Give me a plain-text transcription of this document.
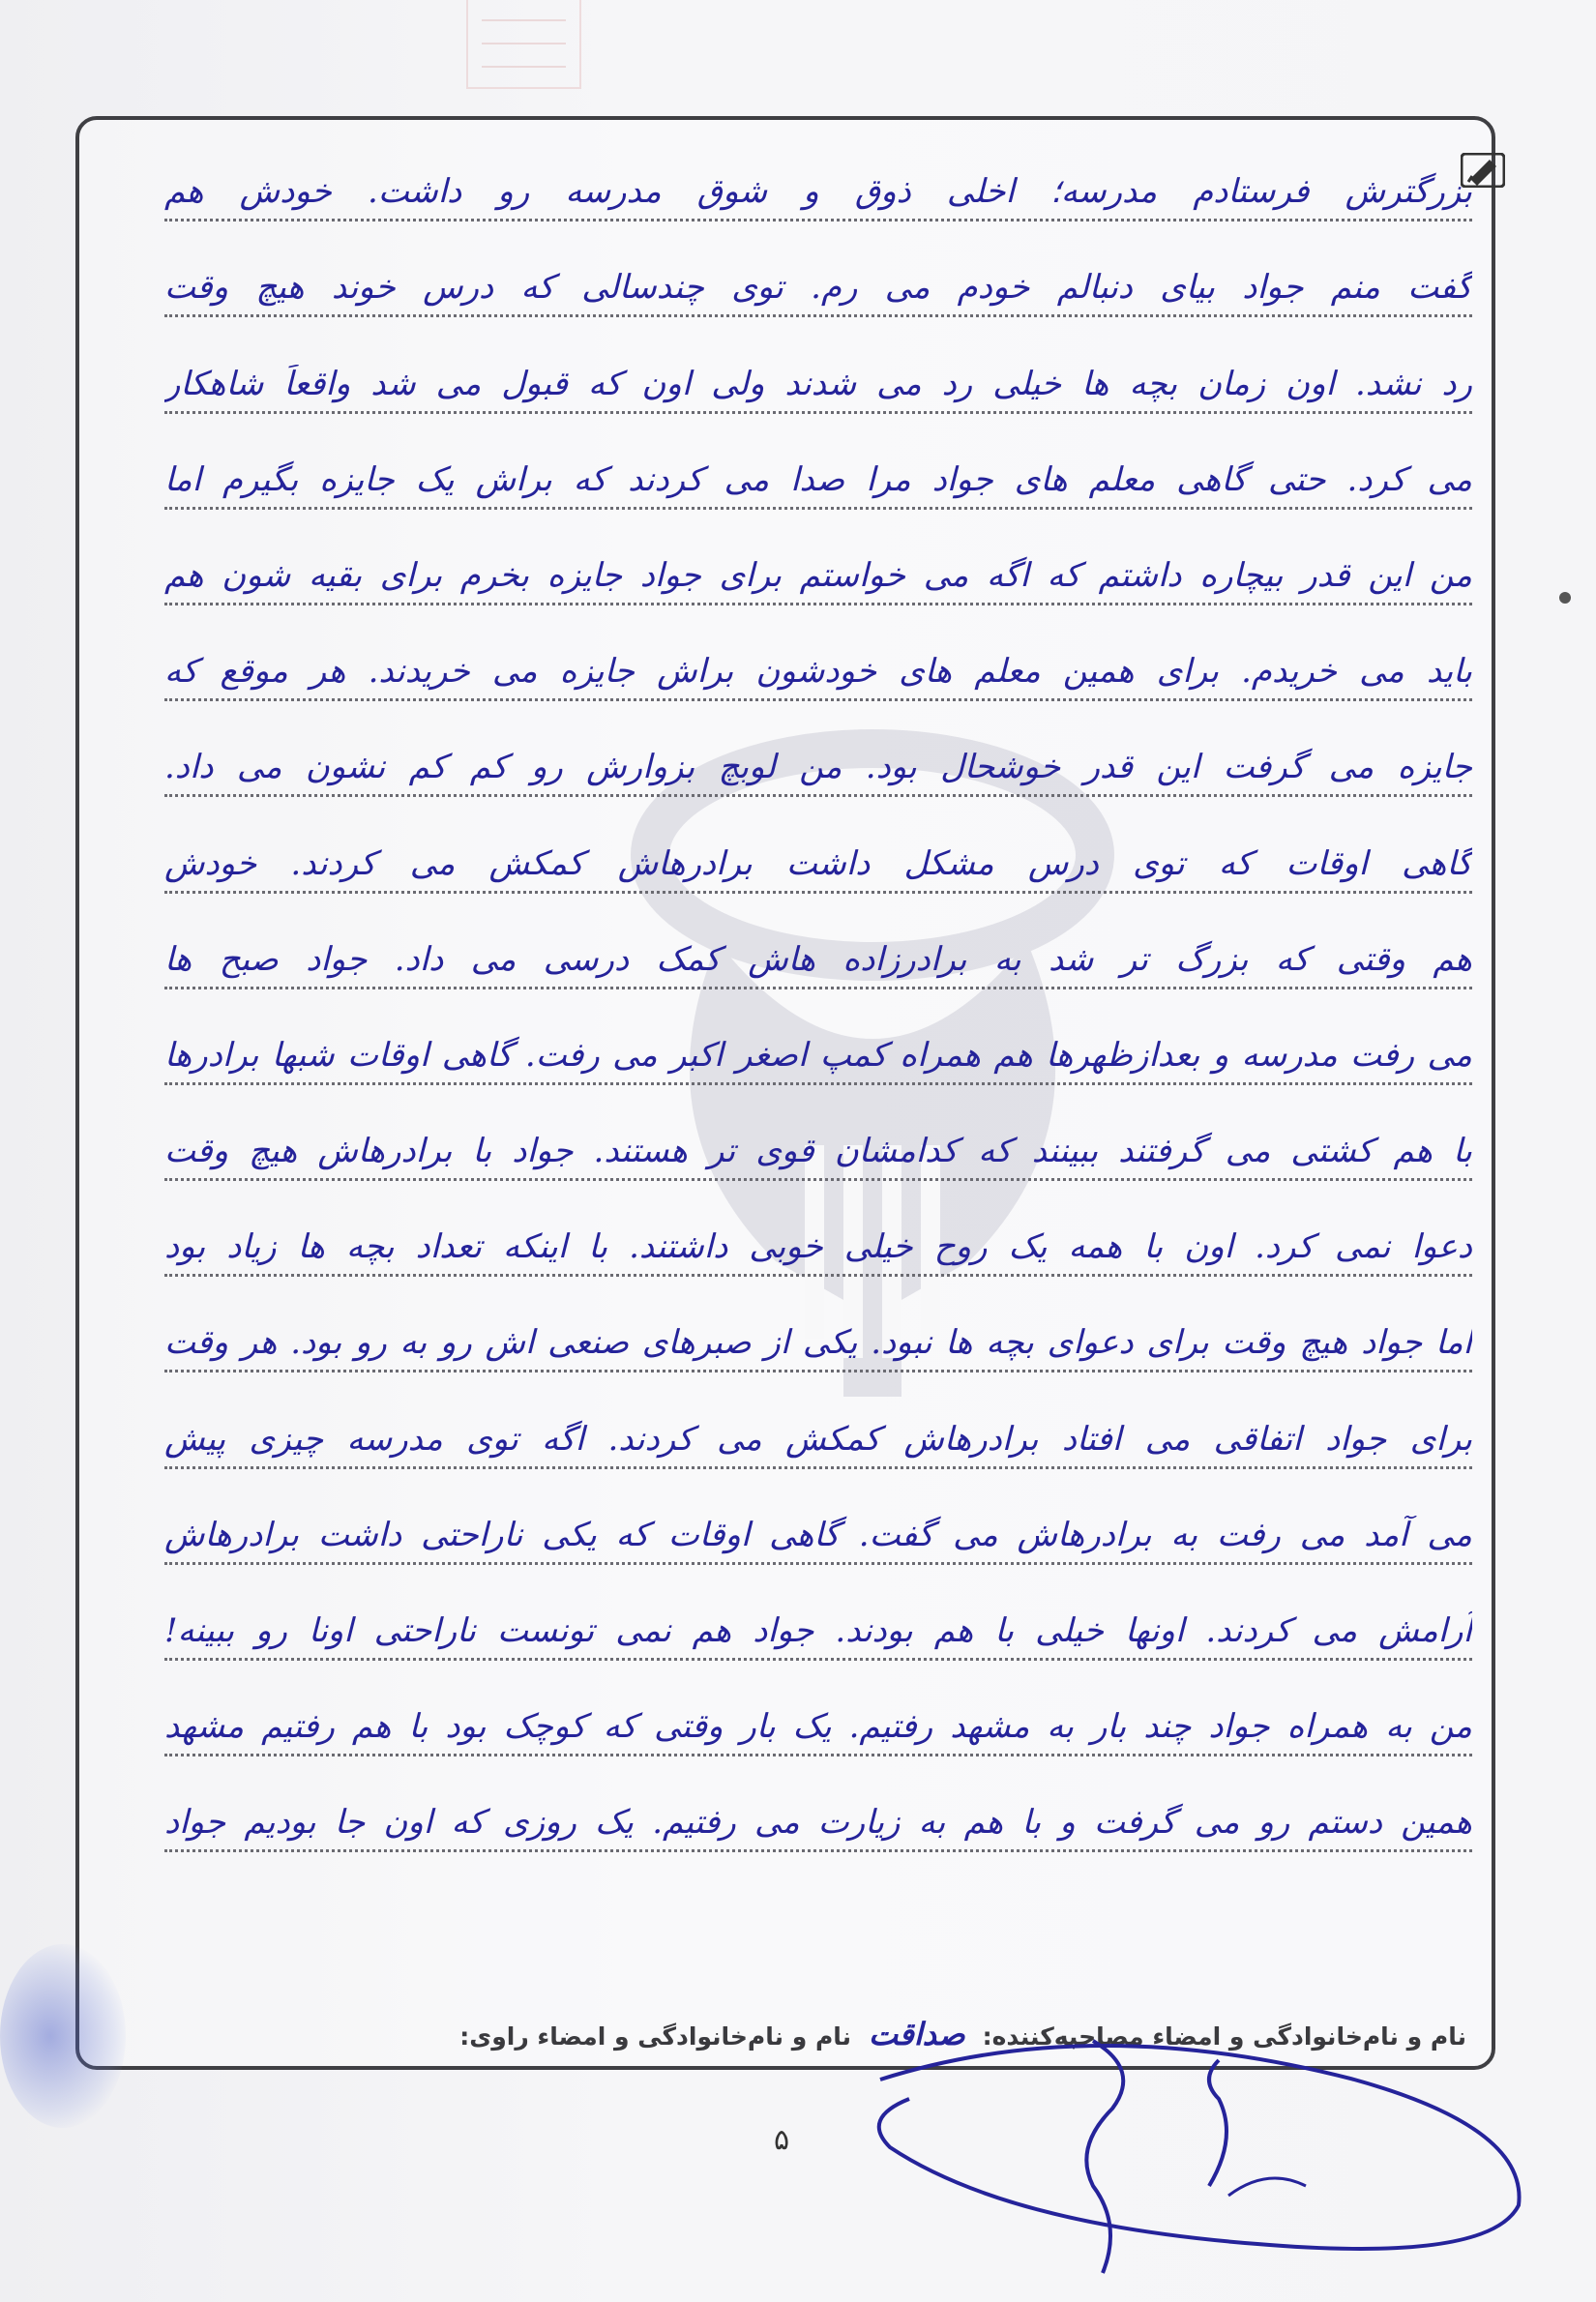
بزرگترش فرستادم مدرسه؛ اخلی ذوق و شوق مدرسه رو داشت. خودش هم
گفت منم جواد بیای دنبالم خودم می رم. توی چندسالی که درس خوند هیچ وقت
رد نشد. اون زمان بچه ها خیلی رد می شدند ولی اون که قبول می شد واقعاً شاهکار
می کرد. حتی گاهی معلم های جواد مرا صدا می کردند که براش یک جایزه بگیرم اما
من این قدر بیچاره داشتم که اگه می خواستم برای جواد جایزه بخرم برای بقیه شون هم
باید می خریدم. برای همین معلم های خودشون براش جایزه می خریدند. هر موقع که
جایزه می گرفت این قدر خوشحال بود. من لوبچ بزوارش رو کم کم نشون می داد.
گاهی اوقات که توی درس مشکل داشت برادرهاش کمکش می کردند. خودش
هم وقتی که بزرگ تر شد به برادرزاده هاش کمک درسی می داد. جواد صبح ها
می رفت مدرسه و بعدازظهرها هم همراه کمپ اصغر اکبر می رفت. گاهی اوقات شبها برادرها
با هم کشتی می گرفتند ببینند که کدامشان قوی تر هستند. جواد با برادرهاش هیچ وقت
دعوا نمی کرد. اون با همه یک روح خیلی خوبی داشتند. با اینکه تعداد بچه ها زیاد بود
اما جواد هیچ وقت برای دعوای بچه ها نبود. یکی از صبرهای صنعی اش رو به رو بود. هر وقت
برای جواد اتفاقی می افتاد برادرهاش کمکش می کردند. اگه توی مدرسه چیزی پیش
می آمد می رفت به برادرهاش می گفت. گاهی اوقات که یکی ناراحتی داشت برادرهاش
آرامش می کردند. اونها خیلی با هم بودند. جواد هم نمی تونست ناراحتی اونا رو ببینه!
من به همراه جواد چند بار به مشهد رفتیم. یک بار وقتی که کوچک بود با هم رفتیم مشهد
همین دستم رو می گرفت و با هم به زیارت می رفتیم. یک روزی که اون جا بودیم جواد
نام و نام‌خانوادگی و امضاء مصاحبه‌کننده:
صداقت
نام و نام‌خانوادگی و امضاء راوی:
۵
